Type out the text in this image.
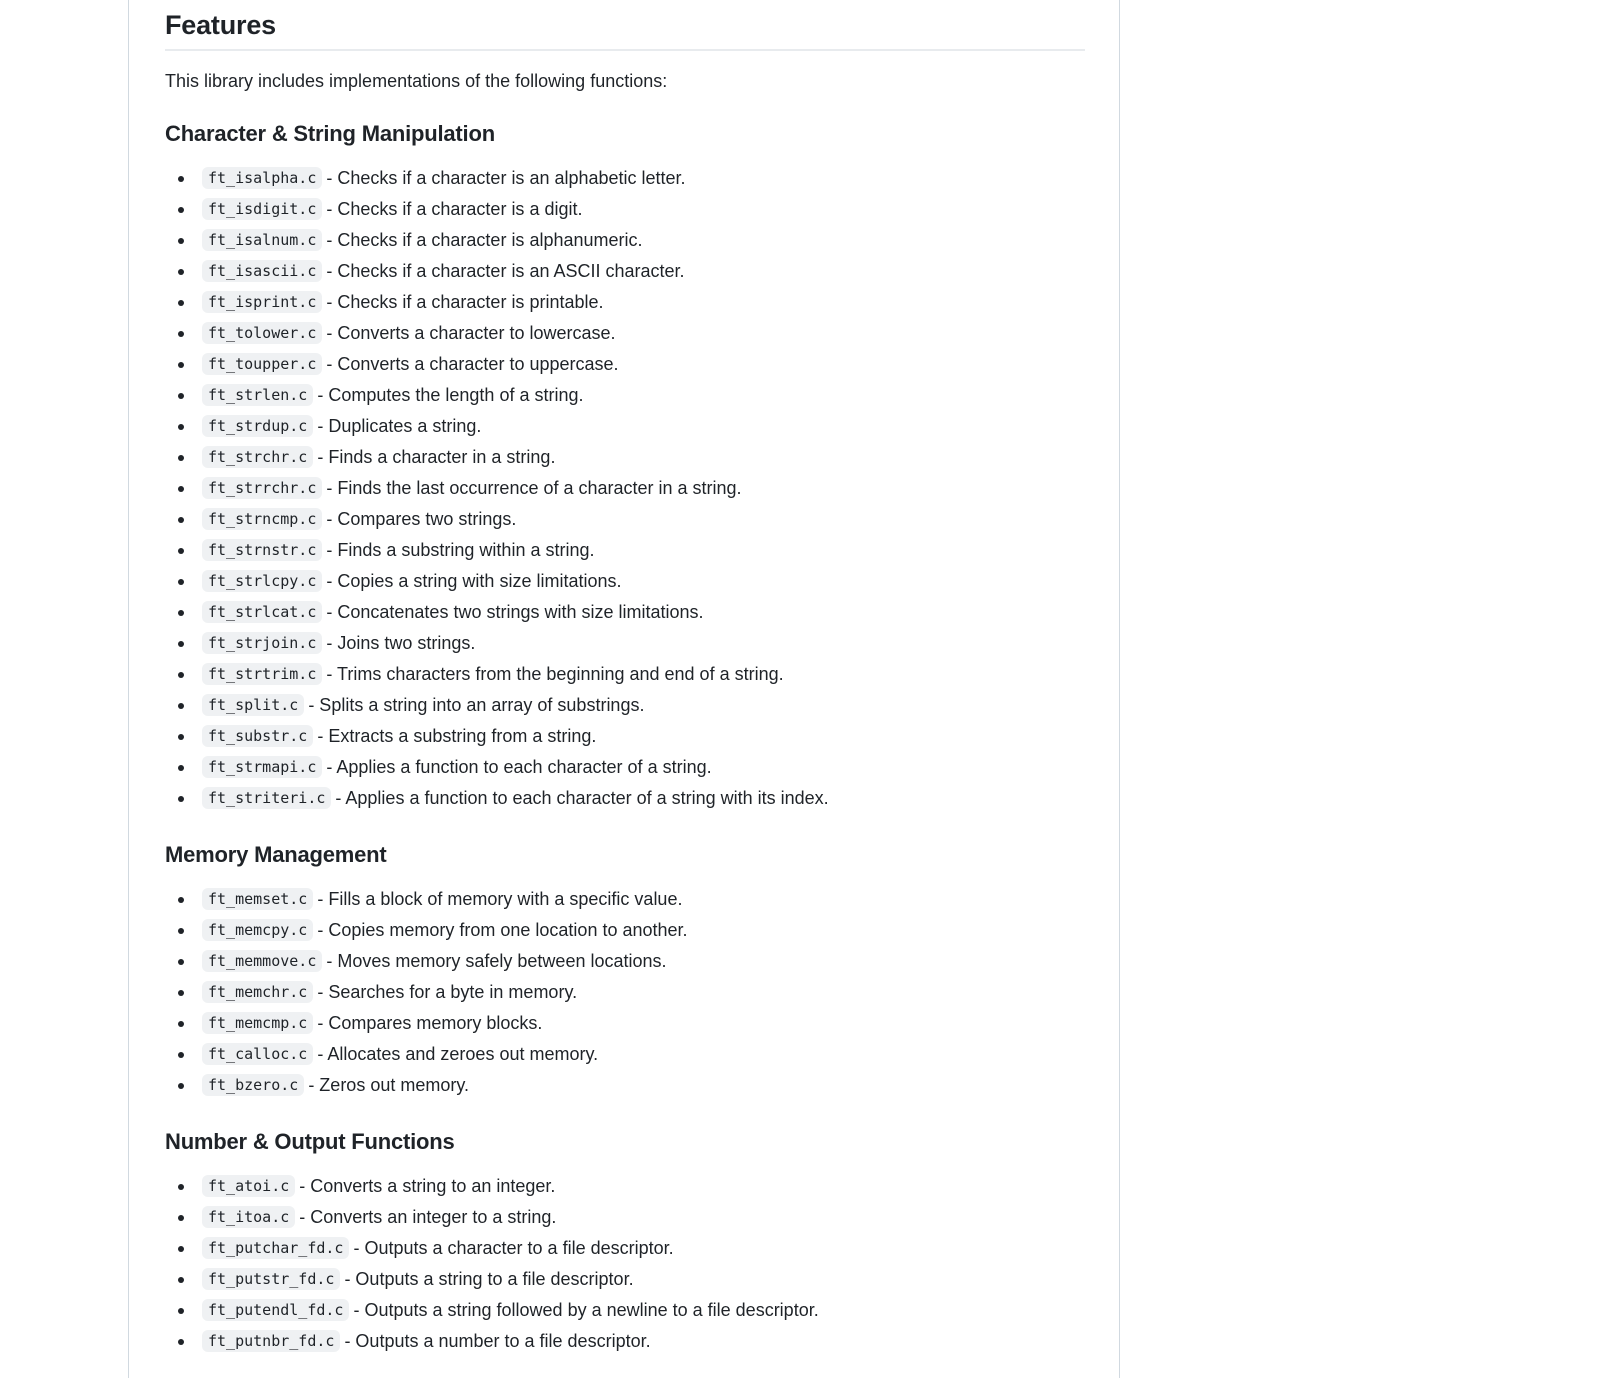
Features

This library includes implementations of the following functions:

Character & String Manipulation
ft_isalpha.c - Checks if a character is an alphabetic letter.
ft_isdigit.c - Checks if a character is a digit.
ft_isalnum.c - Checks if a character is alphanumeric.
ft_isascii.c - Checks if a character is an ASCII character.
ft_isprint.c - Checks if a character is printable.
ft_tolower.c - Converts a character to lowercase.
ft_toupper.c - Converts a character to uppercase.
ft_strlen.c - Computes the length of a string.
ft_strdup.c - Duplicates a string.
ft_strchr.c - Finds a character in a string.
ft_strrchr.c - Finds the last occurrence of a character in a string.
ft_strncmp.c - Compares two strings.
ft_strnstr.c - Finds a substring within a string.
ft_strlcpy.c - Copies a string with size limitations.
ft_strlcat.c - Concatenates two strings with size limitations.
ft_strjoin.c - Joins two strings.
ft_strtrim.c - Trims characters from the beginning and end of a string.
ft_split.c - Splits a string into an array of substrings.
ft_substr.c - Extracts a substring from a string.
ft_strmapi.c - Applies a function to each character of a string.
ft_striteri.c - Applies a function to each character of a string with its index.
Memory Management
ft_memset.c - Fills a block of memory with a specific value.
ft_memcpy.c - Copies memory from one location to another.
ft_memmove.c - Moves memory safely between locations.
ft_memchr.c - Searches for a byte in memory.
ft_memcmp.c - Compares memory blocks.
ft_calloc.c - Allocates and zeroes out memory.
ft_bzero.c - Zeros out memory.
Number & Output Functions
ft_atoi.c - Converts a string to an integer.
ft_itoa.c - Converts an integer to a string.
ft_putchar_fd.c - Outputs a character to a file descriptor.
ft_putstr_fd.c - Outputs a string to a file descriptor.
ft_putendl_fd.c - Outputs a string followed by a newline to a file descriptor.
ft_putnbr_fd.c - Outputs a number to a file descriptor.
